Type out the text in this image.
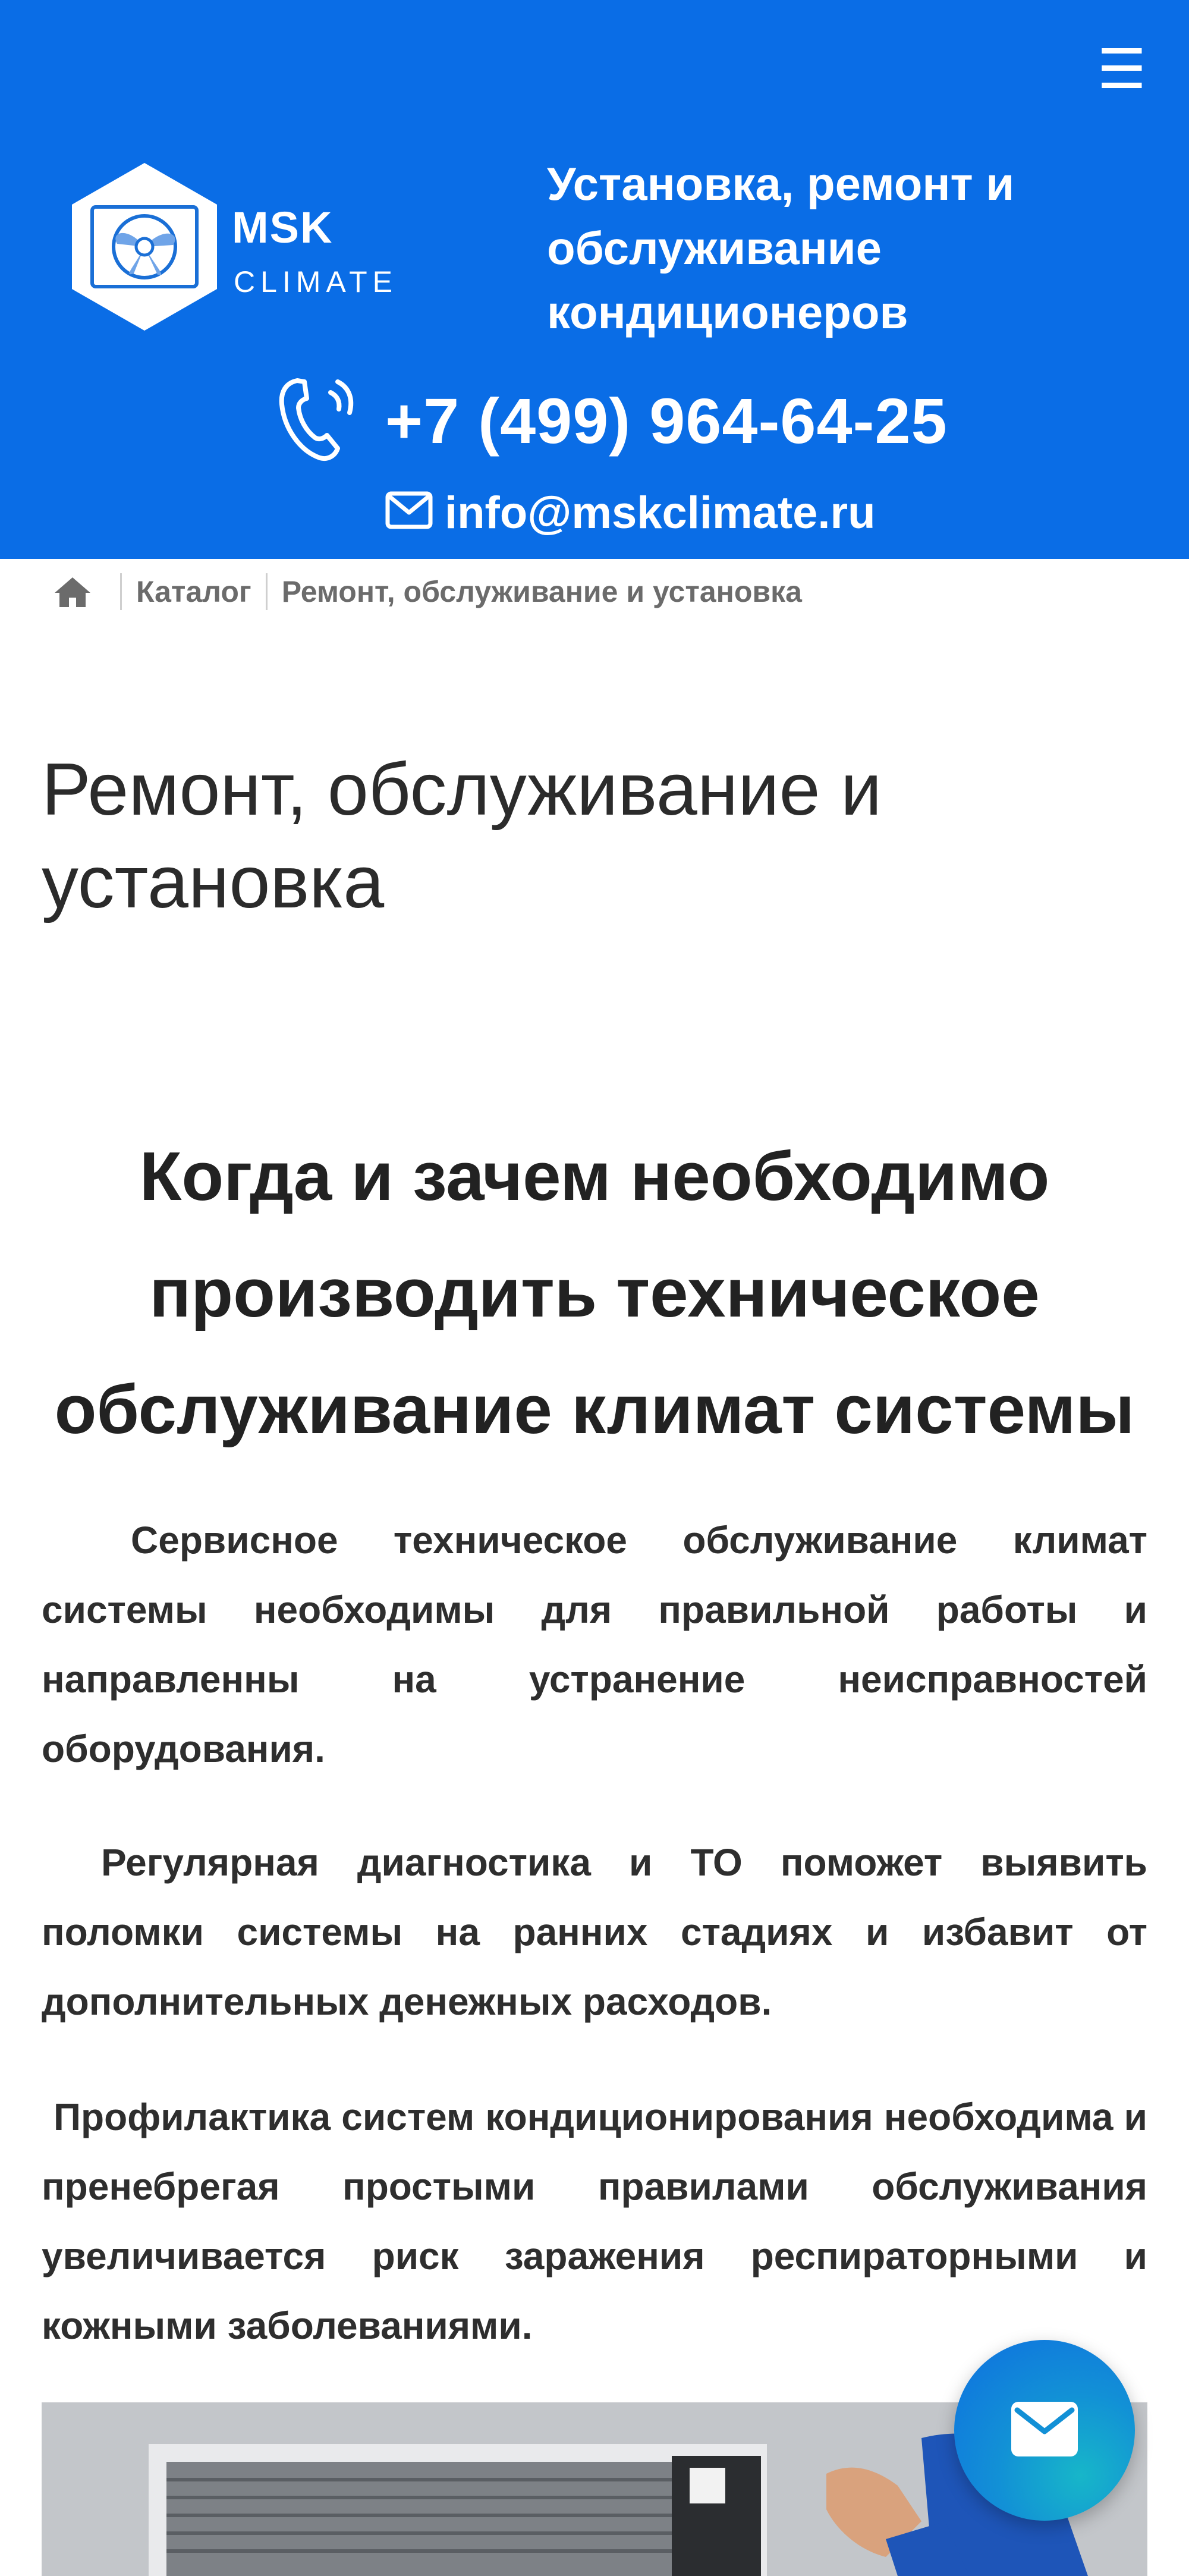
☰
MSK
CLIMATE
Установка, ремонт и обслуживание кондиционеров
+7 (499) 964-64-25
info@mskclimate.ru
Каталог Ремонт, обслуживание и установка
Ремонт, обслуживание и установка
Когда и зачем необходимо производить техническое обслуживание климат системы

Сервисное техническое обслуживание климат системы необходимы для правильной работы и направленны на устранение неисправностей оборудования.

Регулярная диагностика и ТО поможет выявить поломки системы на ранних стадиях и избавит от дополнительных денежных расходов.

Профилактика систем кондиционирования необходима и пренебрегая простыми правилами обслуживания увеличивается риск заражения респираторными и кожными заболеваниями.
